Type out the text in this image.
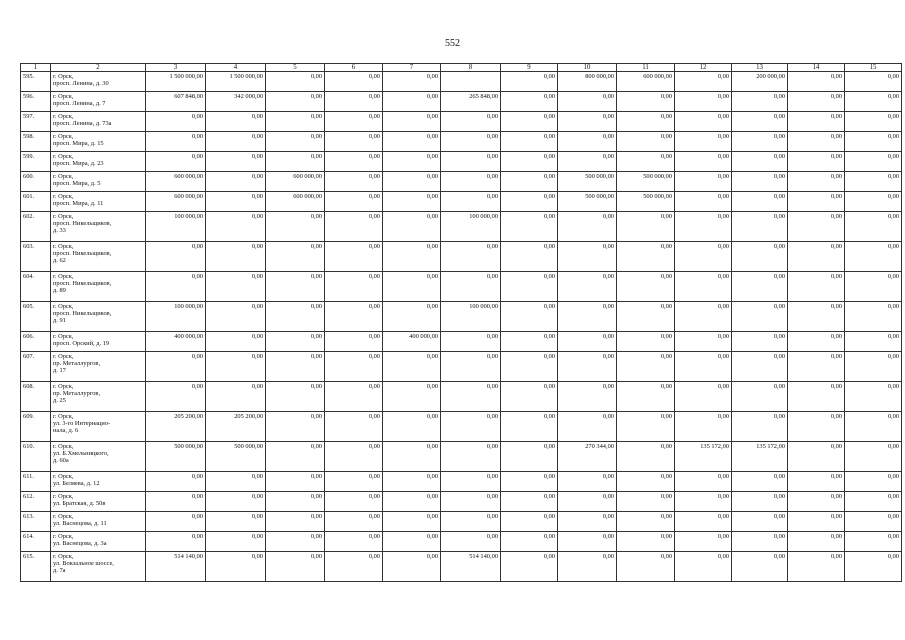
552
1	2	3	4	5	6	7	8	9	10	11	12	13	14	15
595.	г. Орск,
просп. Ленина, д. 30	1 500 000,00	1 500 000,00	0,00	0,00	0,00		0,00	800 000,00	600 000,00	0,00	200 000,00	0,00	0,00
596.	г. Орск,
просп. Ленина, д. 7	607 848,00	342 000,00	0,00	0,00	0,00	265 848,00	0,00	0,00	0,00	0,00	0,00	0,00	0,00
597.	г. Орск,
просп. Ленина, д. 73а	0,00	0,00	0,00	0,00	0,00	0,00	0,00	0,00	0,00	0,00	0,00	0,00	0,00
598.	г. Орск,
просп. Мира, д. 15	0,00	0,00	0,00	0,00	0,00	0,00	0,00	0,00	0,00	0,00	0,00	0,00	0,00
599.	г. Орск,
просп. Мира, д. 23	0,00	0,00	0,00	0,00	0,00	0,00	0,00	0,00	0,00	0,00	0,00	0,00	0,00
600.	г. Орск,
просп. Мира, д. 5	600 000,00	0,00	600 000,00	0,00	0,00	0,00	0,00	500 000,00	500 000,00	0,00	0,00	0,00	0,00
601.	г. Орск,
просп. Мира, д. 11	600 000,00	0,00	600 000,00	0,00	0,00	0,00	0,00	500 000,00	500 000,00	0,00	0,00	0,00	0,00
602.	г. Орск,
просп. Никельщиков,
д. 33	100 000,00	0,00	0,00	0,00	0,00	100 000,00	0,00	0,00	0,00	0,00	0,00	0,00	0,00
603.	г. Орск,
просп. Никельщиков,
д. 62	0,00	0,00	0,00	0,00	0,00	0,00	0,00	0,00	0,00	0,00	0,00	0,00	0,00
604.	г. Орск,
просп. Никельщиков,
д. 89	0,00	0,00	0,00	0,00	0,00	0,00	0,00	0,00	0,00	0,00	0,00	0,00	0,00
605.	г. Орск,
просп. Никельщиков,
д. 91	100 000,00	0,00	0,00	0,00	0,00	100 000,00	0,00	0,00	0,00	0,00	0,00	0,00	0,00
606.	г. Орск,
просп. Орский, д. 19	400 000,00	0,00	0,00	0,00	400 000,00	0,00	0,00	0,00	0,00	0,00	0,00	0,00	0,00
607.	г. Орск,
пр. Металлургов,
д. 17	0,00	0,00	0,00	0,00	0,00	0,00	0,00	0,00	0,00	0,00	0,00	0,00	0,00
608.	г. Орск,
пр. Металлургов,
д. 25	0,00	0,00	0,00	0,00	0,00	0,00	0,00	0,00	0,00	0,00	0,00	0,00	0,00
609.	г. Орск,
ул. 3-го Интернацио-
нала, д. 6	205 200,00	205 200,00	0,00	0,00	0,00	0,00	0,00	0,00	0,00	0,00	0,00	0,00	0,00
610.	г. Орск,
ул. Б.Хмельницкого,
д. 60а	500 000,00	500 000,00	0,00	0,00	0,00	0,00	0,00	270 344,00	0,00	135 172,00	135 172,00	0,00	0,00
611.	г. Орск,
ул. Беляева, д. 12	0,00	0,00	0,00	0,00	0,00	0,00	0,00	0,00	0,00	0,00	0,00	0,00	0,00
612.	г. Орск,
ул. Братская, д. 50в	0,00	0,00	0,00	0,00	0,00	0,00	0,00	0,00	0,00	0,00	0,00	0,00	0,00
613.	г. Орск,
ул. Васнецова, д. 11	0,00	0,00	0,00	0,00	0,00	0,00	0,00	0,00	0,00	0,00	0,00	0,00	0,00
614.	г. Орск,
ул. Васнецова, д. 3а	0,00	0,00	0,00	0,00	0,00	0,00	0,00	0,00	0,00	0,00	0,00	0,00	0,00
615.	г. Орск,
ул. Вокзальное шоссе,
д. 7а	514 140,00	0,00	0,00	0,00	0,00	514 140,00	0,00	0,00	0,00	0,00	0,00	0,00	0,00
